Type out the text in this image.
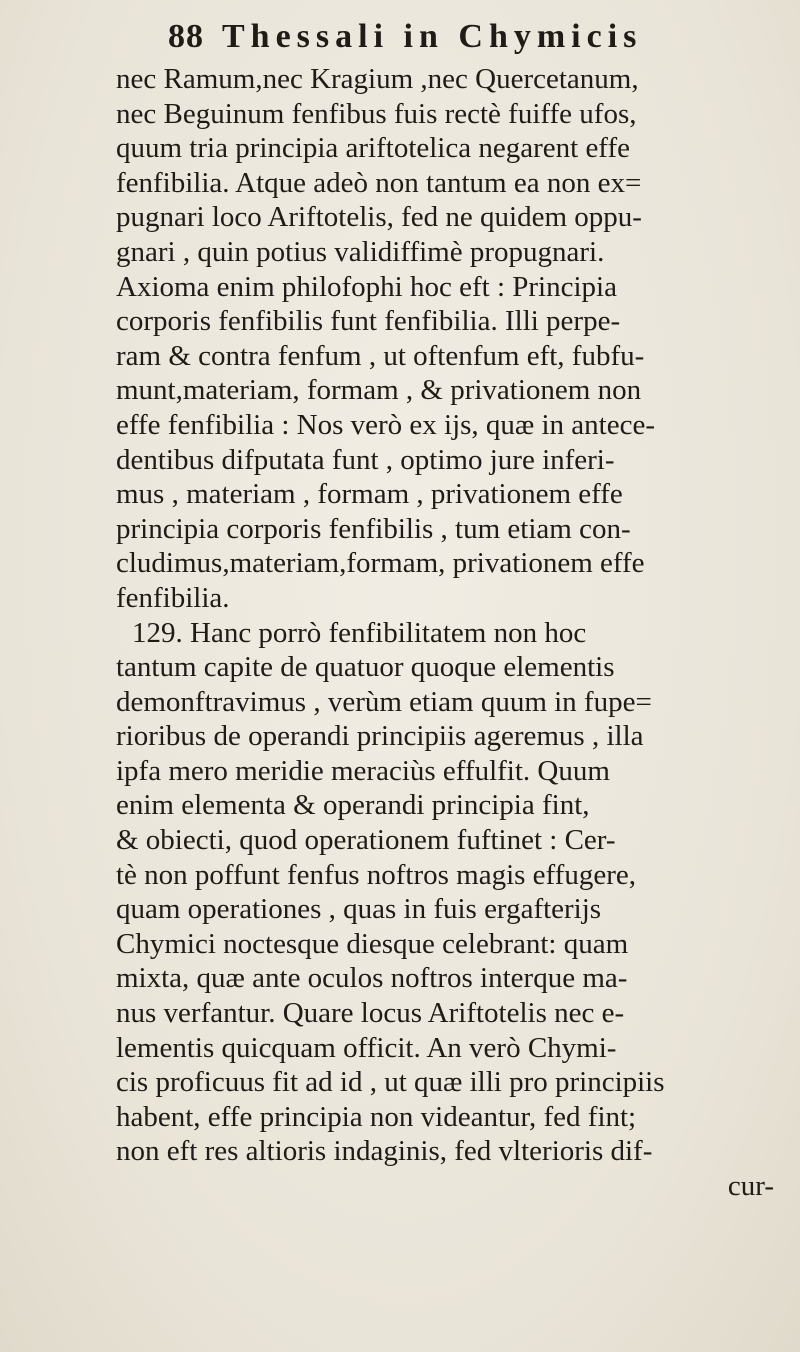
88 Thessali in Chymicis
nec Ramum,nec Kragium ,nec Quercetanum,
nec Beguinum fenfibus fuis rectè fuiffe ufos,
quum tria principia ariftotelica negarent effe
fenfibilia. Atque adeò non tantum ea non ex=
pugnari loco Ariftotelis, fed ne quidem oppu-
gnari , quin potius validiffimè propugnari.
Axioma enim philofophi hoc eft : Principia
corporis fenfibilis funt fenfibilia. Illi perpe-
ram & contra fenfum , ut oftenfum eft, fubfu-
munt,materiam, formam , & privationem non
effe fenfibilia : Nos verò ex ijs, quæ in antece-
dentibus difputata funt , optimo jure inferi-
mus , materiam , formam , privationem effe
principia corporis fenfibilis , tum etiam con-
cludimus,materiam,formam, privationem effe
fenfibilia.
129. Hanc porrò fenfibilitatem non hoc
tantum capite de quatuor quoque elementis
demonftravimus , verùm etiam quum in fupe=
rioribus de operandi principiis ageremus , illa
ipfa mero meridie meraciùs effulfit. Quum
enim elementa & operandi principia fint,
& obiecti, quod operationem fuftinet : Cer-
tè non poffunt fenfus noftros magis effugere,
quam operationes , quas in fuis ergafterijs
Chymici noctesque diesque celebrant: quam
mixta, quæ ante oculos noftros interque ma-
nus verfantur. Quare locus Ariftotelis nec e-
lementis quicquam officit. An verò Chymi-
cis proficuus fit ad id , ut quæ illi pro principiis
habent, effe principia non videantur, fed fint;
non eft res altioris indaginis, fed vlterioris dif-
cur-
